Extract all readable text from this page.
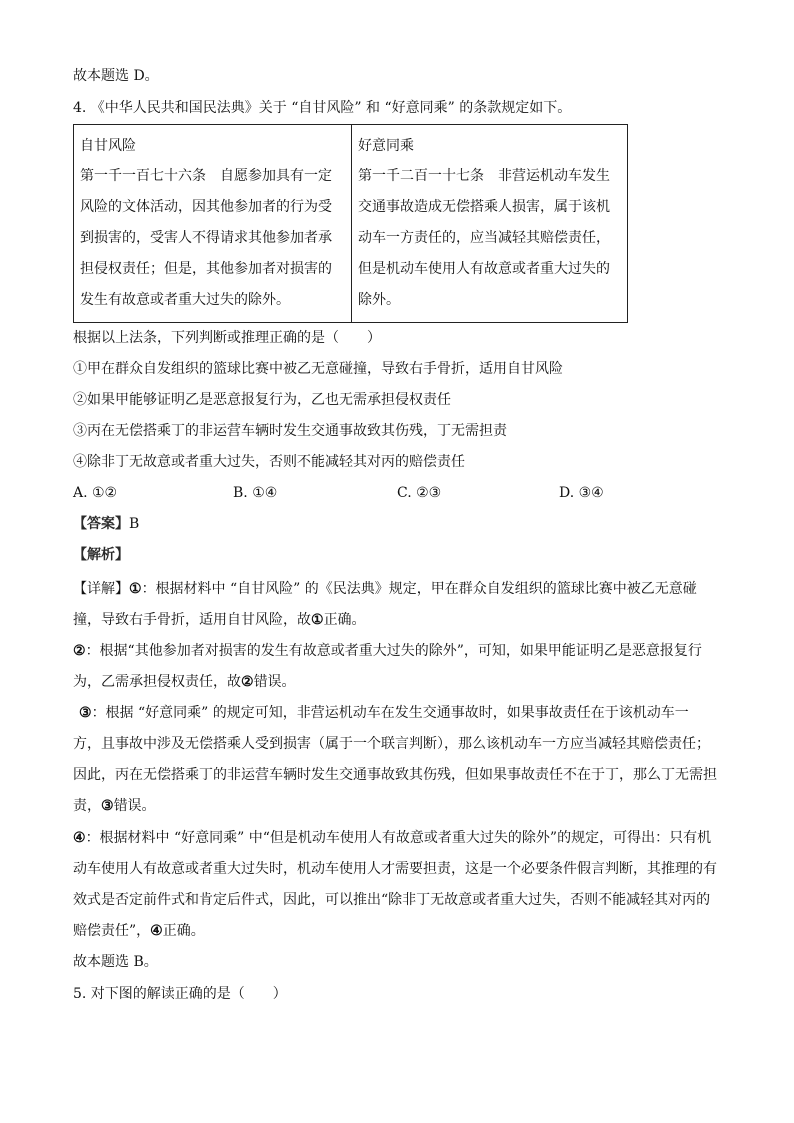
故本题选 D。
4. 《中华人民共和国民法典》关于 “自甘风险” 和 “好意同乘” 的条款规定如下。
自甘风险
第一千一百七十六条　自愿参加具有一定风险的文体活动，因其他参加者的行为受到损害的，受害人不得请求其他参加者承担侵权责任；但是，其他参加者对损害的发生有故意或者重大过失的除外。	
好意同乘
第一千二百一十七条　非营运机动车发生交通事故造成无偿搭乘人损害，属于该机动车一方责任的，应当减轻其赔偿责任，但是机动车使用人有故意或者重大过失的除外。
根据以上法条，下列判断或推理正确的是（　　）
①甲在群众自发组织的篮球比赛中被乙无意碰撞，导致右手骨折，适用自甘风险
②如果甲能够证明乙是恶意报复行为，乙也无需承担侵权责任
③丙在无偿搭乘丁的非运营车辆时发生交通事故致其伤残，丁无需担责
④除非丁无故意或者重大过失，否则不能减轻其对丙的赔偿责任
A. ①②	B. ①④	C. ②③	D. ③④
【答案】B
【解析】
【详解】①：根据材料中 “自甘风险” 的《民法典》规定，甲在群众自发组织的篮球比赛中被乙无意碰
撞，导致右手骨折，适用自甘风险，故①正确。
②：根据“其他参加者对损害的发生有故意或者重大过失的除外”，可知，如果甲能证明乙是恶意报复行
为，乙需承担侵权责任，故②错误。
③：根据 “好意同乘” 的规定可知，非营运机动车在发生交通事故时，如果事故责任在于该机动车一
方，且事故中涉及无偿搭乘人受到损害（属于一个联言判断），那么该机动车一方应当减轻其赔偿责任；
因此，丙在无偿搭乘丁的非运营车辆时发生交通事故致其伤残，但如果事故责任不在于丁，那么丁无需担
责，③错误。
④：根据材料中 “好意同乘” 中“但是机动车使用人有故意或者重大过失的除外”的规定，可得出：只有机
动车使用人有故意或者重大过失时，机动车使用人才需要担责，这是一个必要条件假言判断，其推理的有
效式是否定前件式和肯定后件式，因此，可以推出“除非丁无故意或者重大过失，否则不能减轻其对丙的
赔偿责任”，④正确。
故本题选 B。
5. 对下图的解读正确的是（　　）
